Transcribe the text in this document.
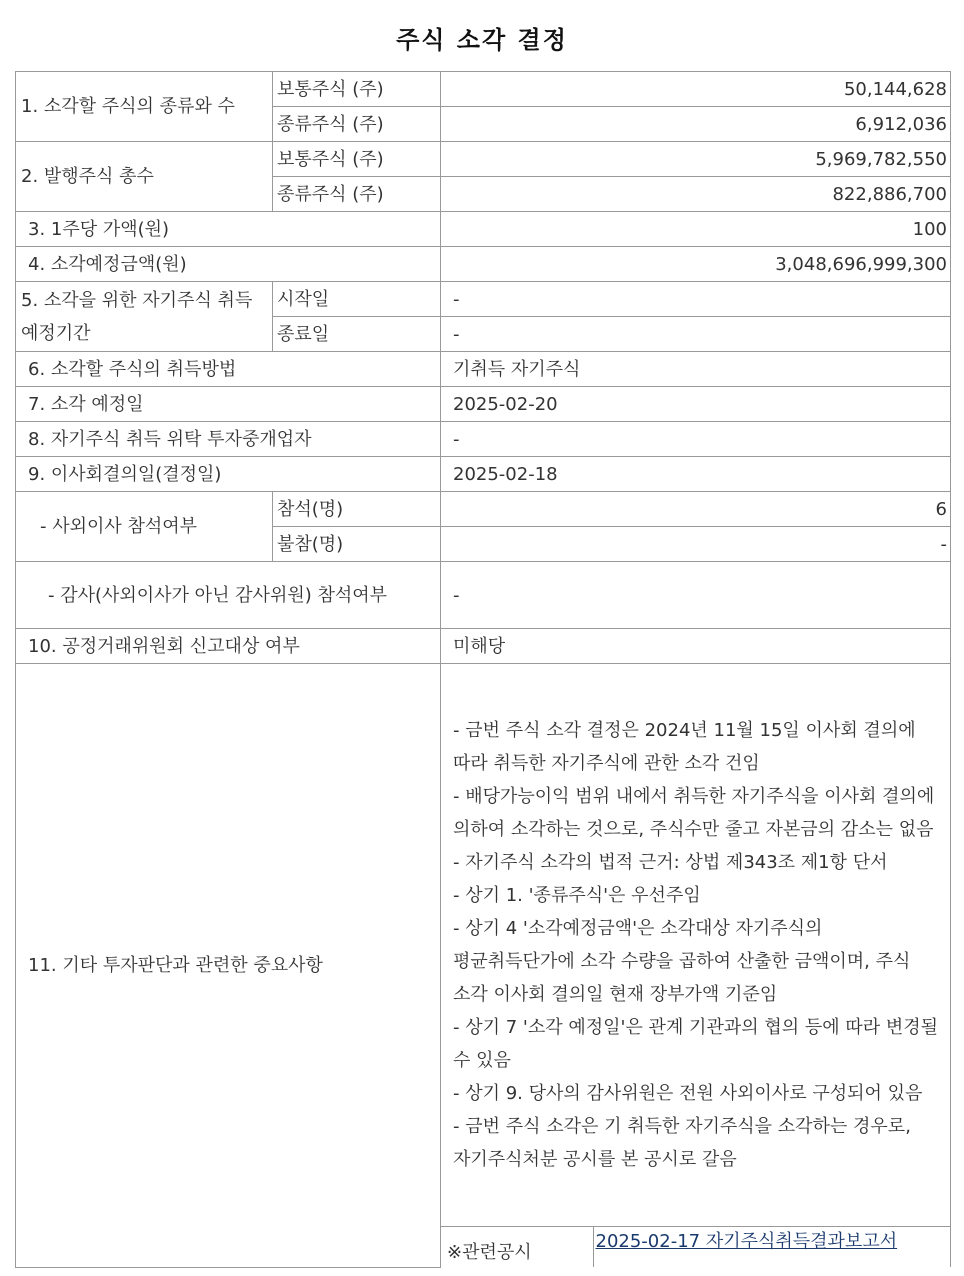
주식 소각 결정
1. 소각할 주식의 종류와 수	보통주식 (주)	50,144,628
종류주식 (주)	6,912,036
2. 발행주식 총수	보통주식 (주)	5,969,782,550
종류주식 (주)	822,886,700
3. 1주당 가액(원)	100
4. 소각예정금액(원)	3,048,696,999,300
5. 소각을 위한 자기주식 취득 예정기간	시작일	-
종료일	-
6. 소각할 주식의 취득방법	기취득 자기주식
7. 소각 예정일	2025-02-20
8. 자기주식 취득 위탁 투자중개업자	-
9. 이사회결의일(결정일)	2025-02-18
- 사외이사 참석여부	참석(명)	6
불참(명)	-
- 감사(사외이사가 아닌 감사위원) 참석여부	-
10. 공정거래위원회 신고대상 여부	미해당
11. 기타 투자판단과 관련한 중요사항	
- 금번 주식 소각 결정은 2024년 11월 15일 이사회 결의에 따라 취득한 자기주식에 관한 소각 건임
- 배당가능이익 범위 내에서 취득한 자기주식을 이사회 결의에 의하여 소각하는 것으로, 주식수만 줄고 자본금의 감소는 없음
- 자기주식 소각의 법적 근거: 상법 제343조 제1항 단서
- 상기 1. '종류주식'은 우선주임
- 상기 4 '소각예정금액'은 소각대상 자기주식의 평균취득단가에 소각 수량을 곱하여 산출한 금액이며, 주식 소각 이사회 결의일 현재 장부가액 기준임
- 상기 7 '소각 예정일'은 관계 기관과의 협의 등에 따라 변경될 수 있음
- 상기 9. 당사의 감사위원은 전원 사외이사로 구성되어 있음
- 금번 주식 소각은 기 취득한 자기주식을 소각하는 경우로, 자기주식처분 공시를 본 공시로 갈음

※관련공시	2025-02-17 자기주식취득결과보고서
